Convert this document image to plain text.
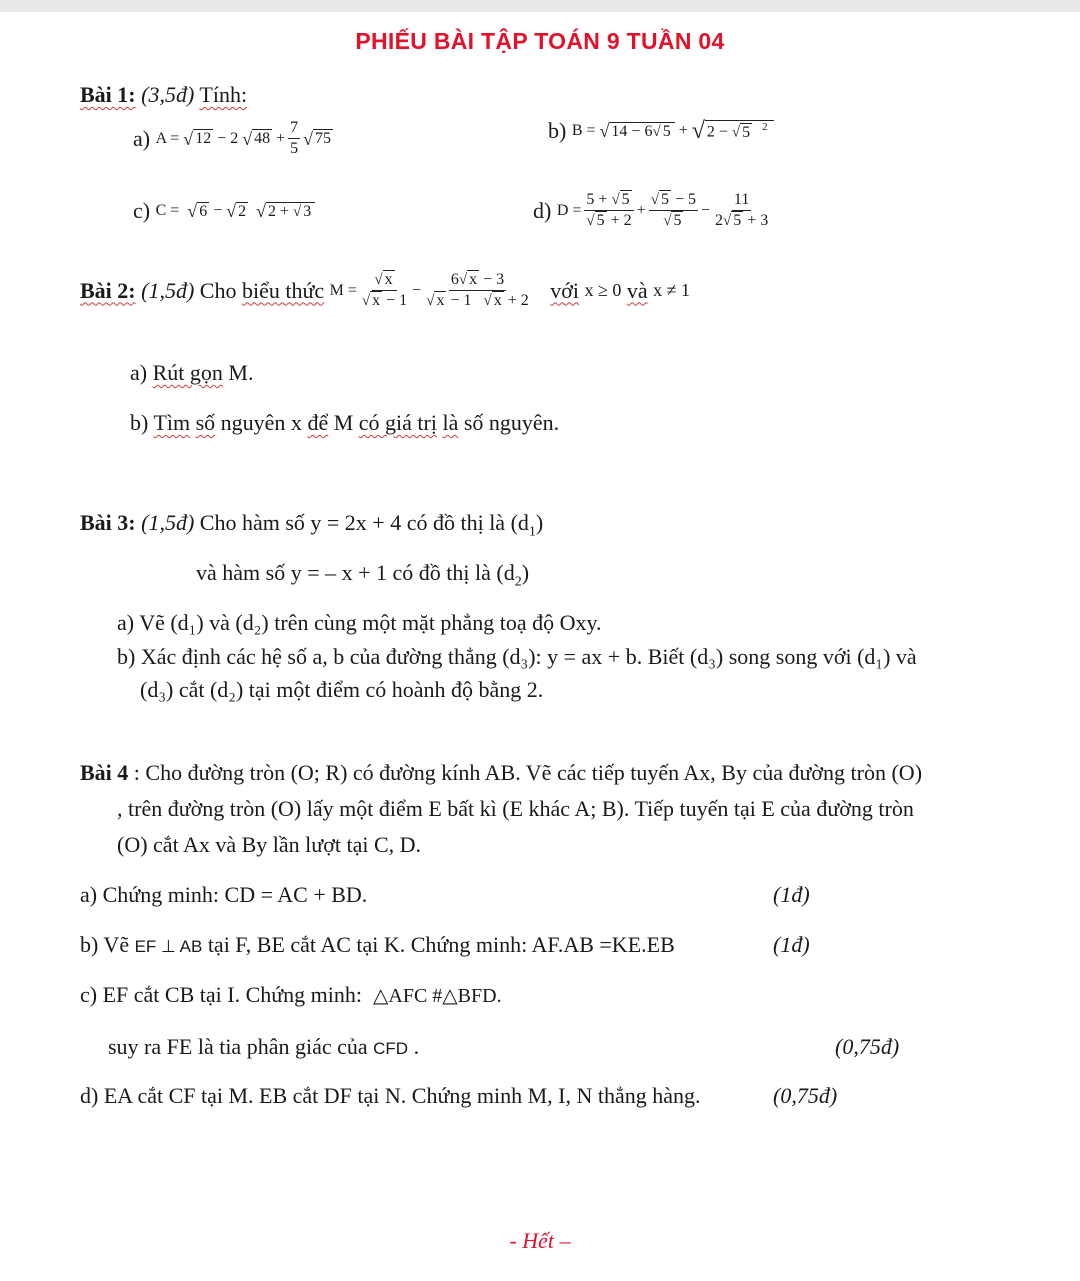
PHIẾU BÀI TẬP TOÁN 9 TUẦN 04
Bài 1: (3,5đ) Tính:
a)
A =
√ 12
− 2
√ 48
+ $\frac{7}{5}$ √ 75	b)
B =
√ 14 − 6√ 5
+
√ 2 − √ 5 $^2$
c)
C =
√ 6
−
√ 2
√ 2 + √ 3	d)
$D = \frac{5 + √ 5}{√ 5 + 2} + \frac{√ 5 - 5}{√ 5} - \frac{11}{2√ 5 + 3}$
Bài 2:
(1,5đ)
Cho
biểu thức
$M = \frac{√ x}{√ x - 1} - \frac{6√ x - 3}{√ x - 1 √ x + 2}$
với
x ≥ 0
và
x ≠ 1
a) Rút gọn M.
b) Tìm số nguyên x để M có giá trị là số nguyên.
Bài 3: (1,5đ) Cho hàm số y = 2x + 4 có đồ thị là $(d_1)$
và hàm số y = – x + 1 có đồ thị là $(d_2)$
a) Vẽ (d₁) và (d₂) trên cùng một mặt phẳng toạ độ Oxy.
b) Xác định các hệ số a, b của đường thẳng (d₃): y = ax + b. Biết (d₃) song song với (d₁) và
(d₃) cắt (d₂) tại một điểm có hoành độ bằng 2.
Bài 4 : Cho đường tròn (O; R) có đường kính AB. Vẽ các tiếp tuyến Ax, By của đường tròn (O)
, trên đường tròn (O) lấy một điểm E bất kì (E khác A; B). Tiếp tuyến tại E của đường tròn
(O) cắt Ax và By lần lượt tại C, D.
a) Chứng minh: CD = AC + BD.	(1đ)
b) Vẽ
EF ⊥ AB
tại F, BE cắt AC tại K. Chứng minh: AF.AB =KE.EB	(1đ)
c) EF cắt CB tại I. Chứng minh:
△AFC #△BFD.
suy ra FE là tia phân giác của
CFD
.	(0,75đ)
d) EA cắt CF tại M. EB cắt DF tại N. Chứng minh M, I, N thẳng hàng.	(0,75đ)
- Hết –
